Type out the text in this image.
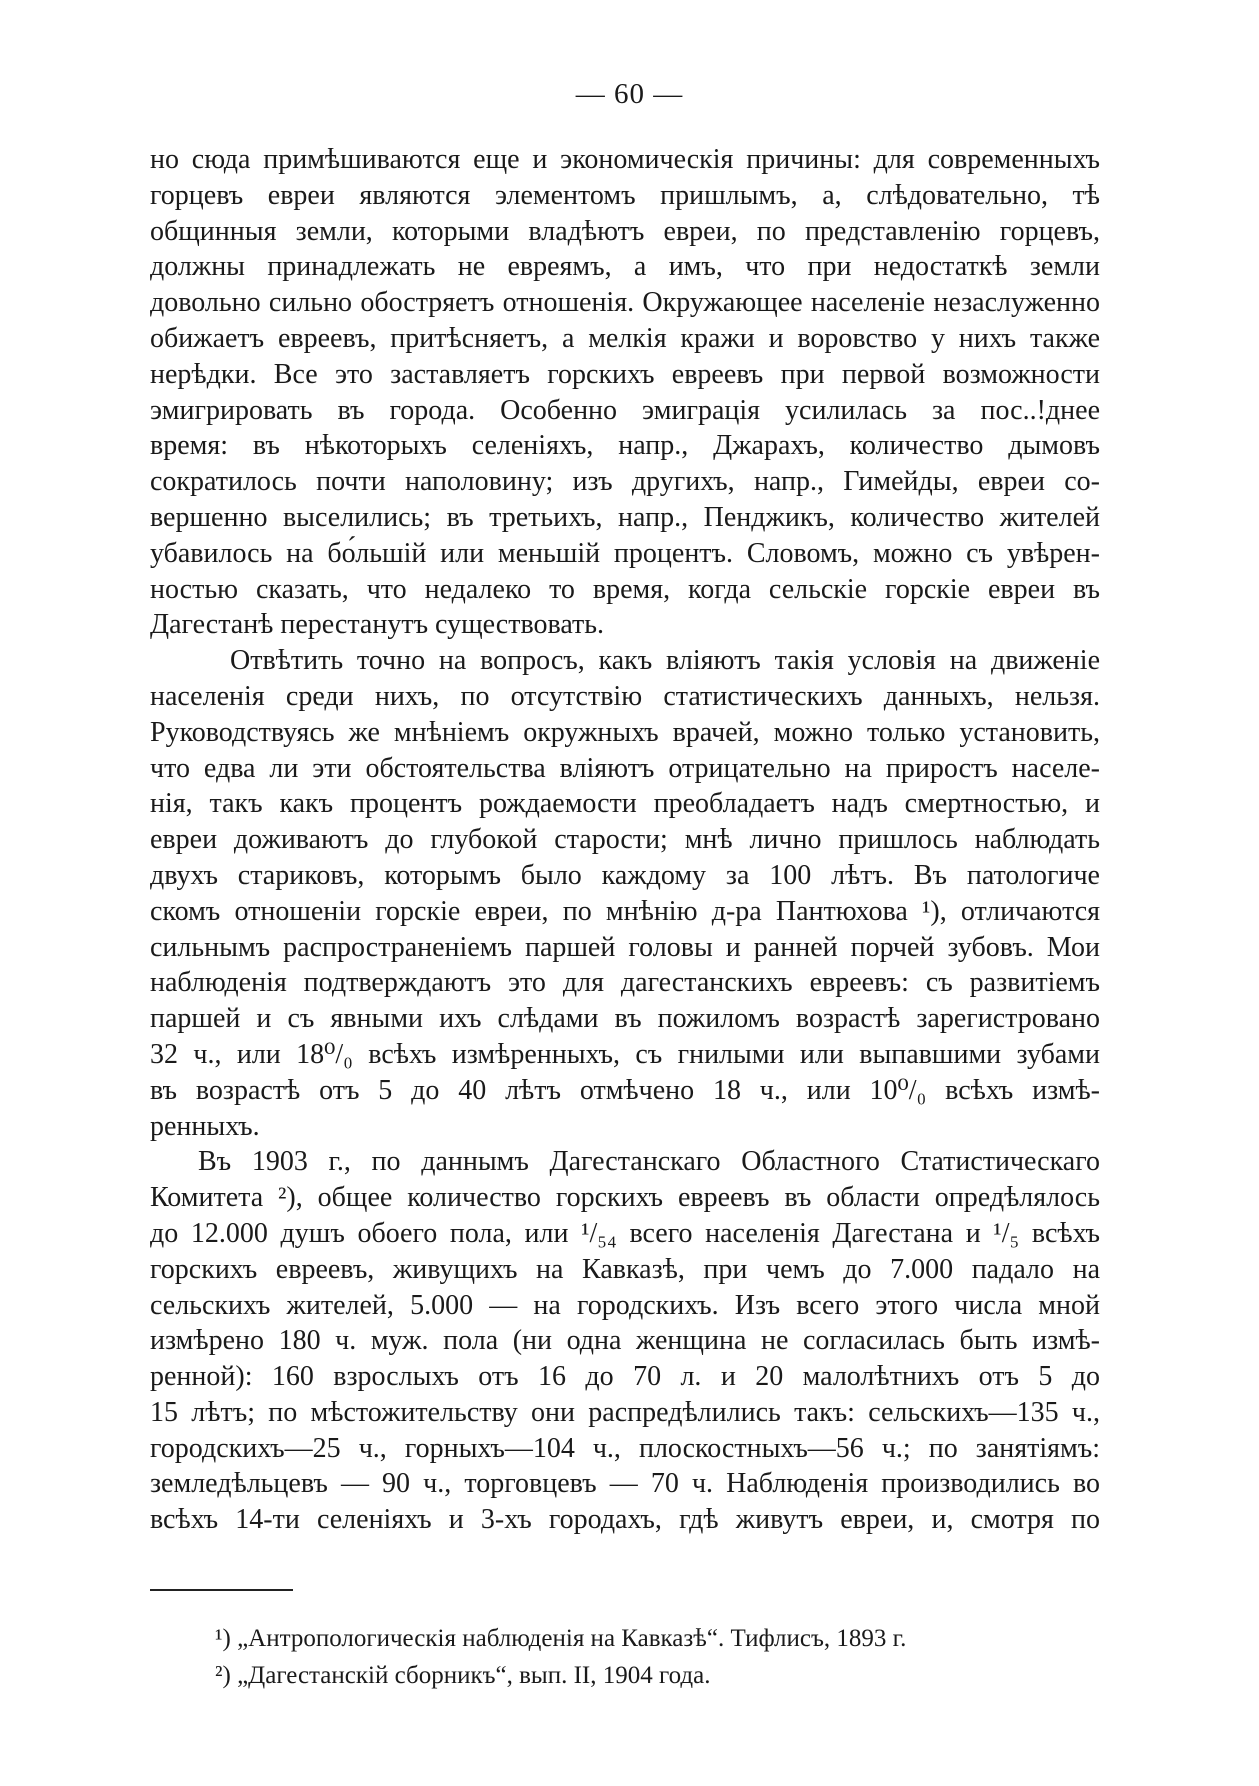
— 60 —
но сюда примѣшиваются еще и экономическія причины: для современныхъ
горцевъ евреи являются элементомъ пришлымъ, а, слѣдовательно, тѣ
общинныя земли, которыми владѣютъ евреи, по представленію горцевъ,
должны принадлежать не евреямъ, а имъ, что при недостаткѣ земли
довольно сильно обостряетъ отношенія. Окружающее населеніе незаслуженно
обижаетъ евреевъ, притѣсняетъ, а мелкія кражи и воровство у нихъ также
нерѣдки. Все это заставляетъ горскихъ евреевъ при первой возможности
эмигрировать въ города. Особенно эмиграція усилилась за пос..!днее
время: въ нѣкоторыхъ селеніяхъ, напр., Джарахъ, количество дымовъ
сократилось почти наполовину; изъ другихъ, напр., Гимейды, евреи со-
вершенно выселились; въ третьихъ, напр., Пенджикъ, количество жителей
убавилось на бо́льшій или меньшій процентъ. Словомъ, можно съ увѣрен-
ностью сказать, что недалеко то время, когда сельскіе горскіе евреи въ
Дагестанѣ перестанутъ существовать.
Отвѣтить точно на вопросъ, какъ вліяютъ такія условія на движеніе
населенія среди нихъ, по отсутствію статистическихъ данныхъ, нельзя.
Руководствуясь же мнѣніемъ окружныхъ врачей, можно только установить,
что едва ли эти обстоятельства вліяютъ отрицательно на приростъ населе-
нія, такъ какъ процентъ рождаемости преобладаетъ надъ смертностью, и
евреи доживаютъ до глубокой старости; мнѣ лично пришлось наблюдать
двухъ стариковъ, которымъ было каждому за 100 лѣтъ. Въ патологиче
скомъ отношеніи горскіе евреи, по мнѣнію д-ра Пантюхова ¹), отличаются
сильнымъ распространеніемъ паршей головы и ранней порчей зубовъ. Мои
наблюденія подтверждаютъ это для дагестанскихъ евреевъ: съ развитіемъ
паршей и съ явными ихъ слѣдами въ пожиломъ возрастѣ зарегистровано
32 ч., или 18⁰/₀ всѣхъ измѣренныхъ, съ гнилыми или выпавшими зубами
въ возрастѣ отъ 5 до 40 лѣтъ отмѣчено 18 ч., или 10⁰/₀ всѣхъ измѣ-
ренныхъ.
Въ 1903 г., по даннымъ Дагестанскаго Областного Статистическаго
Комитета ²), общее количество горскихъ евреевъ въ области опредѣлялось
до 12.000 душъ обоего пола, или ¹/₅₄ всего населенія Дагестана и ¹/₅ всѣхъ
горскихъ евреевъ, живущихъ на Кавказѣ, при чемъ до 7.000 падало на
сельскихъ жителей, 5.000 — на городскихъ. Изъ всего этого числа мной
измѣрено 180 ч. муж. пола (ни одна женщина не согласилась быть измѣ-
ренной): 160 взрослыхъ отъ 16 до 70 л. и 20 малолѣтнихъ отъ 5 до
15 лѣтъ; по мѣстожительству они распредѣлились такъ: сельскихъ—135 ч.,
городскихъ—25 ч., горныхъ—104 ч., плоскостныхъ—56 ч.; по занятіямъ:
земледѣльцевъ — 90 ч., торговцевъ — 70 ч. Наблюденія производились во
всѣхъ 14-ти селеніяхъ и 3-хъ городахъ, гдѣ живутъ евреи, и, смотря по
¹) „Антропологическія наблюденія на Кавказѣ“. Тифлисъ, 1893 г.
²) „Дагестанскій сборникъ“, вып. II, 1904 года.
